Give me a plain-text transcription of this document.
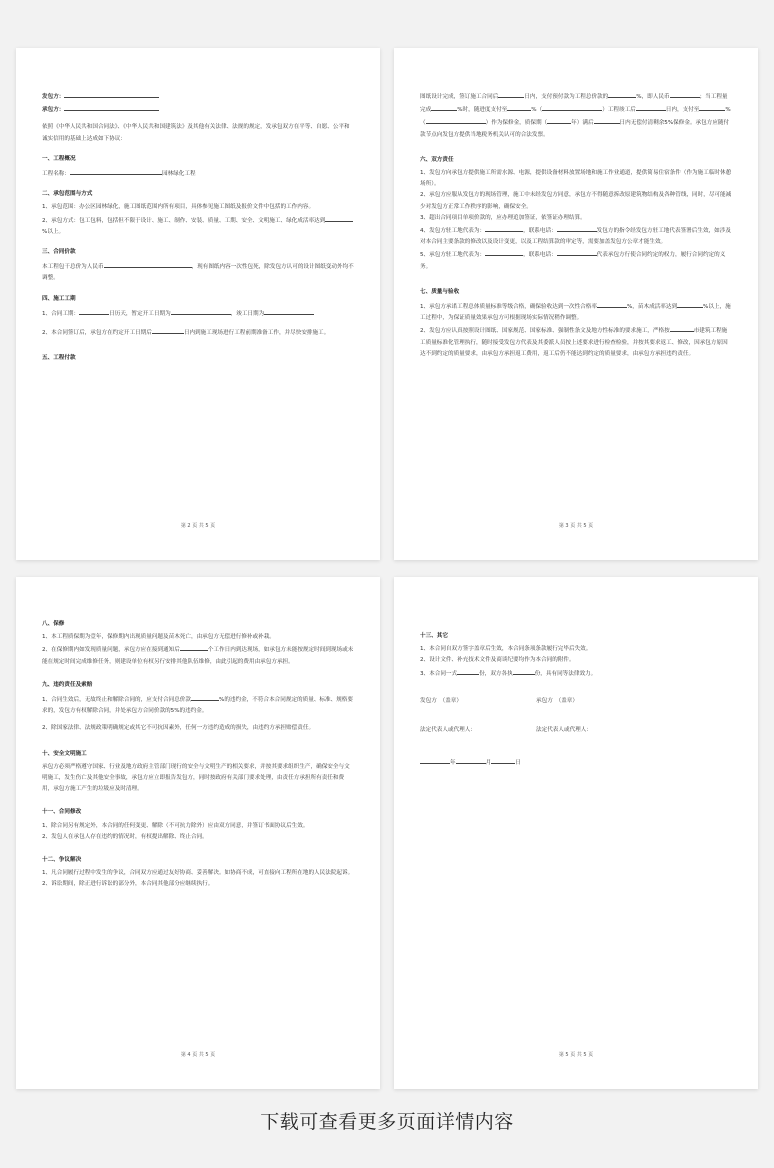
发包方：

承包方：

依照《中华人民共和国合同法》、《中华人民共和国建筑法》及其他有关法律、法规的规定，发承包双方在平等、自愿、公平和诚实信用的基础上达成如下协议：

一、工程概况

工程名称：	园林绿化工程

二、承包范围与方式

1、承包范围：办公区园林绿化，施工图纸范围内所有项目，具体参见施工图纸及报价文件中包括的工作内容。

2、承包方式：包工包料，包括但不限于设计、施工、制作、安装、质量、工期、安全、文明施工、绿化成活率达到%以上。

三、合同价款

本工程包干总价为人民币	，现有图纸内容一次性包死，除发包方认可的设计图纸变动外均不调整。

四、施工工期

1、合同工期：	日历天，暂定开工日期为	，竣工日期为

2、本合同签订后，承包方在约定开工日期后	日内到施工现场进行工程前期准备工作，并尽快安排施工。

五、工程付款

第 2 页 共 5 页

图纸设计完成，签订施工合同后	日内，支付预付款为工程总价款的	%，即人民币	；当工程量完成	%时，随进度支付至	%（	）工程竣工后	日内，支付至	%（	）作为保修金，质保期（	年）满后	日内无偿付清剩余5%保修金。承包方应随付款节点向发包方提供当地税务机关认可的合法发票。

六、双方责任

1、发包方向承包方提供施工所需水源、电源，提供设备材料放置场地和施工作业通道，提供简易住宿条件（作为施工临时休憩场所）。

2、承包方应服从发包方的现场管理，施工中未经发包方同意，承包方不得随意拆改原建筑物结构及各种管线，同时，尽可能减少对发包方正常工作秩序的影响，确保安全。

3、超出合同项目单项价款的，应办理追加签证，依签证办理结算。

4、发包方驻工地代表为：	，联系电话：	发包方的指令经发包方驻工地代表签署后生效，如涉及对本合同主要条款的修改以及设计变更，以及工程结算款的审定等，需要加盖发包方公章才能生效。

5、承包方驻工地代表为：	，联系电话：	代表承包方行使合同约定的权力，履行合同约定的义务。

七、质量与验收

1、承包方承诺工程总体质量标准等级合格，确保验收达到一次性合格率	%，苗木成活率达到	%以上，施工过程中，为保证质量效果承包方可根据现场实际情况稍作调整。

2、发包方应认真按照设计图纸、国家规范、国家标准、强制性条文及地方性标准的要求施工，严格按	市建筑工程施工质量标准化管理执行，随时接受发包方代表及其委派人员按上述要求进行检查检验，并按其要求返工、修改，因承包方原因达不到约定的质量要求，由承包方承担返工费用，返工后仍不能达到约定的质量要求，由承包方承担违约责任。

第 3 页 共 5 页

八、保修

1、本工程质保期为壹年，保修期内出现质量问题及苗木死亡，由承包方无偿进行修补或补栽。

2、在保修期内如发现质量问题，承包方应在接到通知后	个工作日内到达现场，如承包方未能按规定时间到现场或未能在规定时间完成维修任务，则建设单位有权另行安排其他队伍维修，由此引起的费用由承包方承担。

九、违约责任及索赔

1、合同生效后，无故终止和解除合同的，应支付合同总价款	%的违约金，不符合本合同规定的质量、标准、规格要求的，发包方有权解除合同，并处承包方合同价款的5%的违约金。

2、除国家法律、法规政策明确规定或其它不可抗因素外，任何一方违约造成的损失，由违约方承担赔偿责任。

十、安全文明施工

承包方必须严格遵守国家、行业及地方政府主管部门现行的安全与文明生产的相关要求，并按其要求组织生产，确保安全与文明施工，发生伤亡及其他安全事故，承包方应立即报告发包方，同时按政府有关部门要求处理，由责任方承担所有责任和费用，承包方施工产生的垃圾应及时清理。

十一、合同修改

1、除合同另有规定外，本合同的任何变更、解除（不可抗力除外）应由双方同意，并签订书面协议后生效。

2、发包人在承包人存在违约的情况时，有权提出解除、终止合同。

十二、争议解决

1、凡合同履行过程中发生的争议，合同双方应通过友好协商、妥善解决。如协商不成，可直接向工程所在地的人民法院起诉。

2、诉讼期间，除正进行诉讼的部分外，本合同其他部分应继续执行。

第 4 页 共 5 页

十三、其它

1、本合同自双方签字盖章后生效，本合同条项条款履行完毕后失效。

2、设计文件、补充技术文件及商谈纪要均作为本合同的附件。

3、本合同一式	份，双方各执	份，具有同等法律效力。

发包方　（盖章）	承包方　（盖章）

法定代表人或代理人：	法定代表人或代理人：

年	月	日

第 5 页 共 5 页
下载可查看更多页面详情内容
